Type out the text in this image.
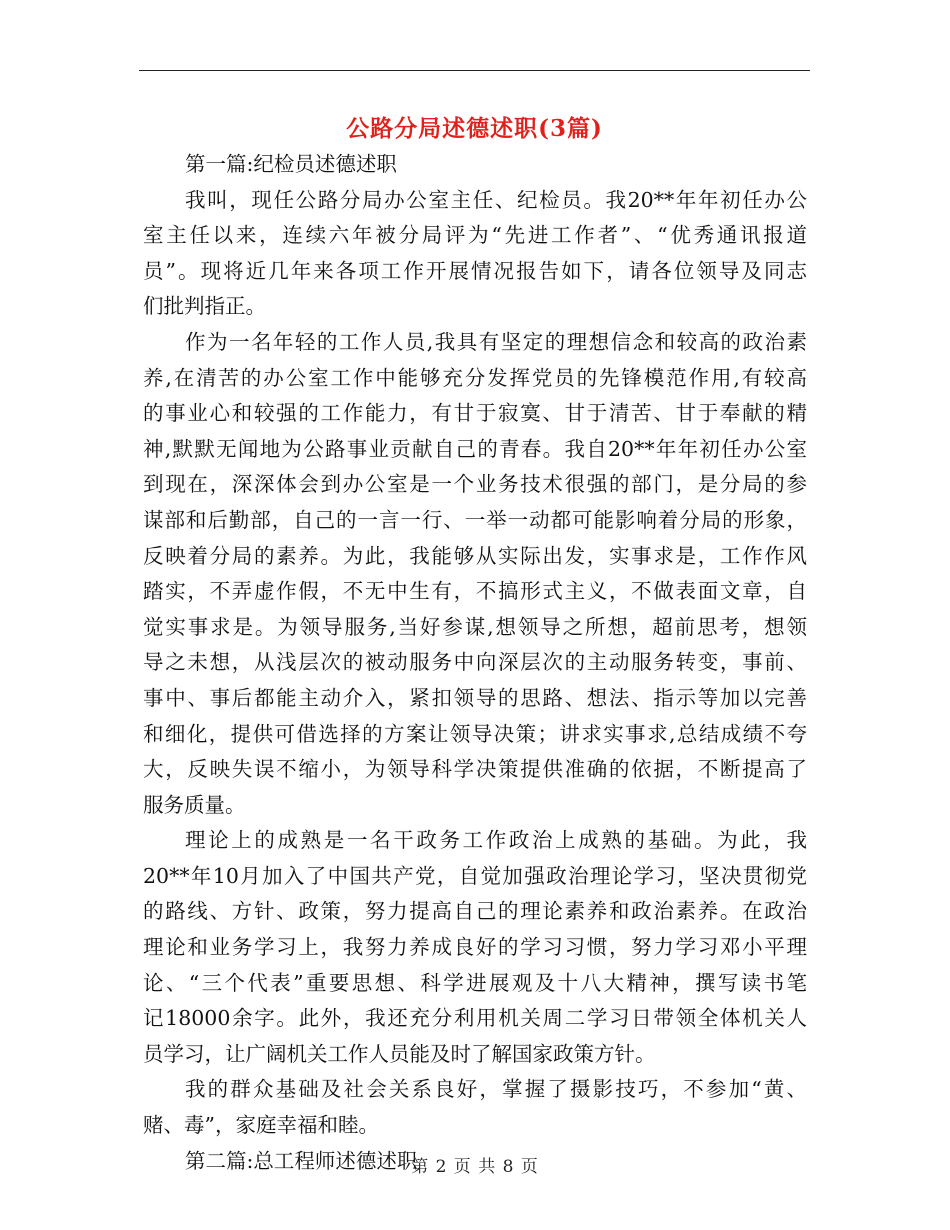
公路分局述德述职(3篇)
第一篇:纪检员述德述职
我叫，现任公路分局办公室主任、纪检员。我20**年年初任办公
室主任以来，连续六年被分局评为“先进工作者”、“优秀通讯报道
员”。现将近几年来各项工作开展情况报告如下，请各位领导及同志
们批判指正。
作为一名年轻的工作人员,我具有坚定的理想信念和较高的政治素
养,在清苦的办公室工作中能够充分发挥党员的先锋模范作用,有较高
的事业心和较强的工作能力，有甘于寂寞、甘于清苦、甘于奉献的精
神,默默无闻地为公路事业贡献自己的青春。我自20**年年初任办公室
到现在，深深体会到办公室是一个业务技术很强的部门，是分局的参
谋部和后勤部，自己的一言一行、一举一动都可能影响着分局的形象，
反映着分局的素养。为此，我能够从实际出发，实事求是，工作作风
踏实，不弄虚作假，不无中生有，不搞形式主义，不做表面文章，自
觉实事求是。为领导服务,当好参谋,想领导之所想，超前思考，想领
导之未想，从浅层次的被动服务中向深层次的主动服务转变，事前、
事中、事后都能主动介入，紧扣领导的思路、想法、指示等加以完善
和细化，提供可借选择的方案让领导决策；讲求实事求,总结成绩不夸
大，反映失误不缩小，为领导科学决策提供准确的依据，不断提高了
服务质量。
理论上的成熟是一名干政务工作政治上成熟的基础。为此，我
20**年10月加入了中国共产党，自觉加强政治理论学习，坚决贯彻党
的路线、方针、政策，努力提高自己的理论素养和政治素养。在政治
理论和业务学习上，我努力养成良好的学习习惯，努力学习邓小平理
论、“三个代表”重要思想、科学进展观及十八大精神，撰写读书笔
记18000余字。此外，我还充分利用机关周二学习日带领全体机关人
员学习，让广阔机关工作人员能及时了解国家政策方针。
我的群众基础及社会关系良好，掌握了摄影技巧，不参加“黄、
赌、毒”，家庭幸福和睦。
第二篇:总工程师述德述职
第 2 页 共 8 页
